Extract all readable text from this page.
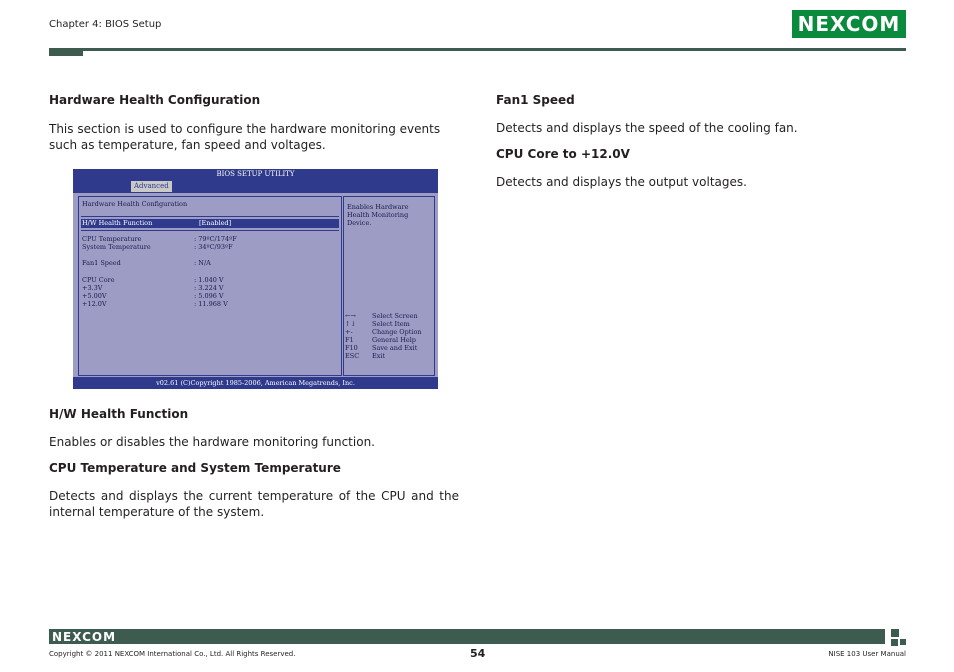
Chapter 4: BIOS Setup	NEXCOM
Hardware Health Configuration

This section is used to configure the hardware monitoring events such as temperature, fan speed and voltages.

BIOS SETUP UTILITY
Advanced
Hardware Health Configuration
H/W Health Function	[Enabled]
CPU Temperature	: 79ºC/174ºF
System Temperature	: 34ºC/93ºF
Fan1 Speed	: N/A
CPU Core	: 1.040 V
+3.3V	: 3.224 V
+5.00V	: 5.096 V
+12.0V	: 11.968 V
Enables Hardware
Health Monitoring
Device.
←→ Select Screen
↑↓ Select Item
+-	Change Option
F1	General Help
F10 Save and Exit
ESC Exit
v02.61 (C)Copyright 1985-2006, American Megatrends, Inc.
H/W Health Function

Enables or disables the hardware monitoring function.

CPU Temperature and System Temperature

Detects and displays the current temperature of the CPU and the internal temperature of the system.

Fan1 Speed

Detects and displays the speed of the cooling fan.

CPU Core to +12.0V

Detects and displays the output voltages.

NEXCOM
Copyright © 2011 NEXCOM International Co., Ltd. All Rights Reserved.	54	NISE 103 User Manual
